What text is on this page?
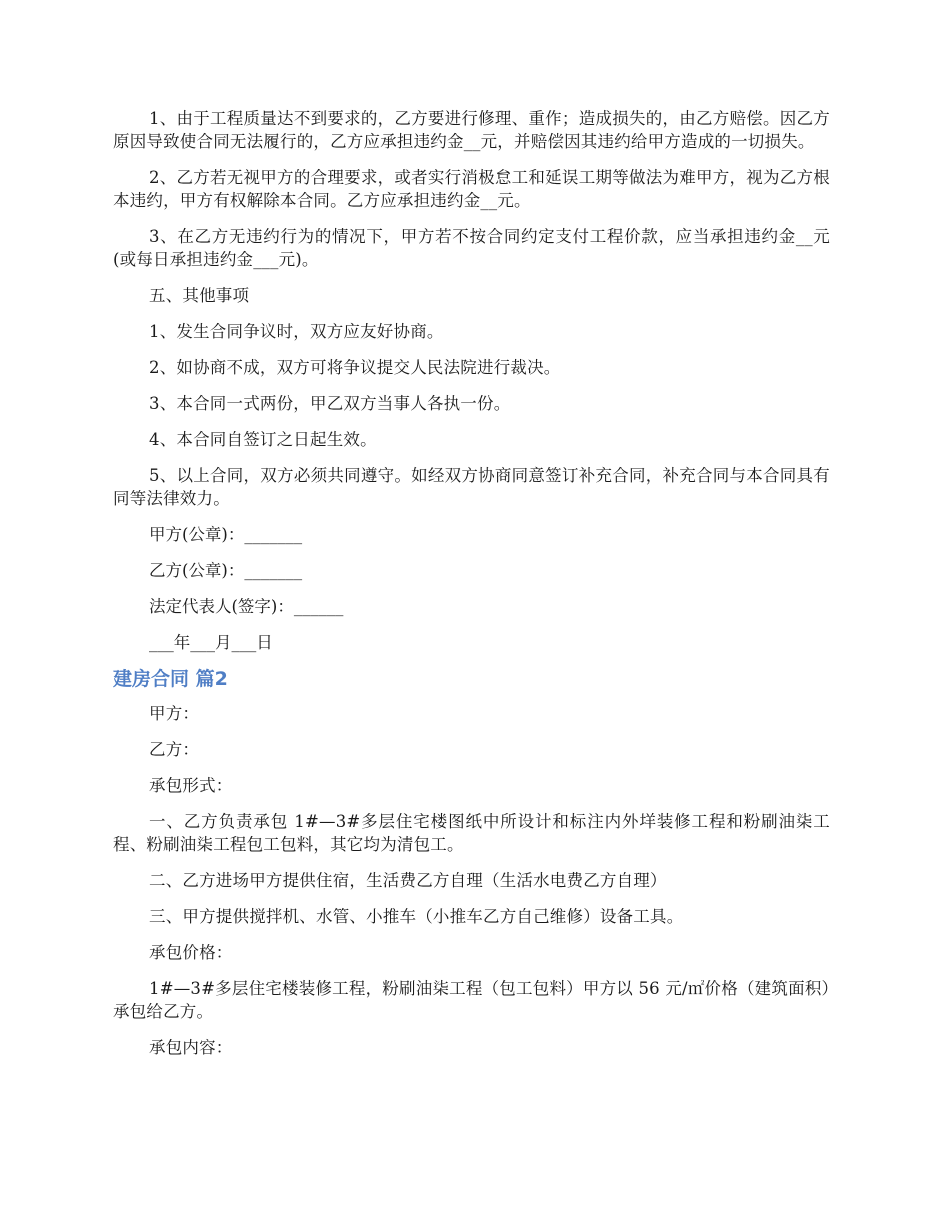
1、由于工程质量达不到要求的，乙方要进行修理、重作；造成损失的，由乙方赔偿。因乙方原因导致使合同无法履行的，乙方应承担违约金__元，并赔偿因其违约给甲方造成的一切损失。

2、乙方若无视甲方的合理要求，或者实行消极怠工和延误工期等做法为难甲方，视为乙方根本违约，甲方有权解除本合同。乙方应承担违约金__元。

3、在乙方无违约行为的情况下，甲方若不按合同约定支付工程价款，应当承担违约金__元(或每日承担违约金___元)。

五、其他事项

1、发生合同争议时，双方应友好协商。

2、如协商不成，双方可将争议提交人民法院进行裁决。

3、本合同一式两份，甲乙双方当事人各执一份。

4、本合同自签订之日起生效。

5、以上合同，双方必须共同遵守。如经双方协商同意签订补充合同，补充合同与本合同具有同等法律效力。

甲方(公章)：_______

乙方(公章)：_______

法定代表人(签字)：______

___年___月___日

建房合同 篇2

甲方：

乙方：

承包形式：

一、乙方负责承包 1#—3#多层住宅楼图纸中所设计和标注内外垟装修工程和粉刷油柒工程、粉刷油柒工程包工包料，其它均为清包工。

二、乙方进场甲方提供住宿，生活费乙方自理（生活水电费乙方自理）

三、甲方提供搅拌机、水管、小推车（小推车乙方自己维修）设备工具。

承包价格：

1#—3#多层住宅楼装修工程，粉刷油柒工程（包工包料）甲方以 56 元/㎡价格（建筑面积）承包给乙方。

承包内容：
